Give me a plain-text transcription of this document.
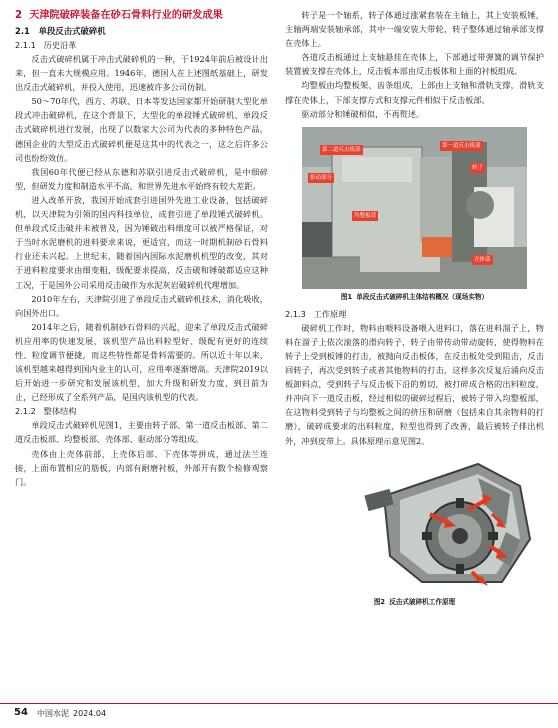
2 天津院破碎装备在砂石骨料行业的研发成果
2.1 单段反击式破碎机
2.1.1 历史沿革

反击式破碎机属于冲击式破碎机的一种，于1924年前后被设计出来，但一直未大规模应用。1946年，德国人在上述图纸基础上，研发出反击式破碎机，并投入使用，迅速被许多公司仿制。

50～70年代，西方、苏联、日本等发达国家都开始研制大型化单段式冲击破碎机，在这个背景下，大型化的单段锤式破碎机、单段反击式破碎机进行发展，出现了以数家大公司为代表的多种特色产品，德国企业的大型反击式破碎机便是这其中的代表之一，这之后许多公司也纷纷效仿。

我国60年代便已经从东德和苏联引进反击式破碎机，是中细碎型，但研发力度和制造水平不高，和世界先进水平始终有较大差距。

进入改革开放，我国开始成套引进国外先进工业设备，包括破碎机，以天津院为引领的国内科技单位，成套引进了单段锤式破碎机。但单段式反击破并未被普及，因为锤破出料细度可以被严格保证，对于当时水泥磨机的进料要求来说，更适宜，而这一时期机制砂石骨料行业还未兴起。上世纪末，随着国内国际水泥磨机机型的改变，其对于进料粒度要求由细变粗，级配要求提高，反击破和锤破都适应这种工况，于是国外公司采用反击破作为水泥灰岩破碎机代理增加。

2010年左右，天津院引进了单段反击式破碎机技术，消化吸收，向国外出口。

2014年之后，随着机制砂石骨料的兴起，迎来了单段反击式破碎机应用率的快速发展，该机型产品出料粒型好、级配有更好的连续性、粒度调节便捷，而这些特性都是骨料需要的。所以近十年以来，该机型越来越得到国内业主的认可，应用率逐渐增高。天津院2019以后开始进一步研究和发展该机型，加大升级和研发力度，到目前为止，已经形成了全系列产品，是国内该机型的代表。

2.1.2 整体结构

单段反击式破碎机见图1，主要由转子部、第一道反击板部、第二道反击板部、均整板部、壳体部、驱动部分等组成。

壳体由上壳体前部、上壳体后部、下壳体等拼成，通过法兰连接，上面布置相应的筋板，内部有耐磨衬板，外部开有数个检修观察门。

转子是一个轴系，转子体通过涨紧套装在主轴上，其上安装板锤，主轴两端安装轴承部，其中一端安装大带轮，转子整体通过轴承部支撑在壳体上。

各道反击板通过上支轴悬挂在壳体上，下部通过带弹簧的调节保护装置被支撑在壳体上，反击板本部由反击板体和上面的衬板组成。

均整板由均整板架、齿条组成，上部由上支轴和滑轨支撑，滑轨支撑在壳体上，下部支撑方式和支撑元件相似于反击板部。

驱动部分和锤破相似，不再赘述。

第二道反击板部
第一道反击板部
驱动部分
转子
均整板部
壳体部
图1 单段反击式破碎机主体结构概况（现场实物）
2.1.3 工作原理

破碎机工作时，物料由喂料设备喂入进料口，落在进料溜子上，物料在溜子上依次滚落的滑向转子，转子由带传动带动旋转，使得物料在转子上受到板锤的打击，被抛向反击板体，在反击板处受到阻击，反击回转子，再次受到转子或者其他物料的打击，这样多次反复后涌向反击板卸料点，受到转子与反击板下沿的剪切，被打碎成合格的出料粒度，并冲向下一道反击板，经过相似的破碎过程后，被转子带入均整板部，在这物料受到转子与均整板之间的挤压和研磨（包括来自其余物料的打磨），破碎成要求的出料粒度，粒型也得到了改善，最后被转子排出机外，冲到皮带上。具体原理示意见图2。

图2 反击式破碎机工作原理
54 中国水泥 2024.04
